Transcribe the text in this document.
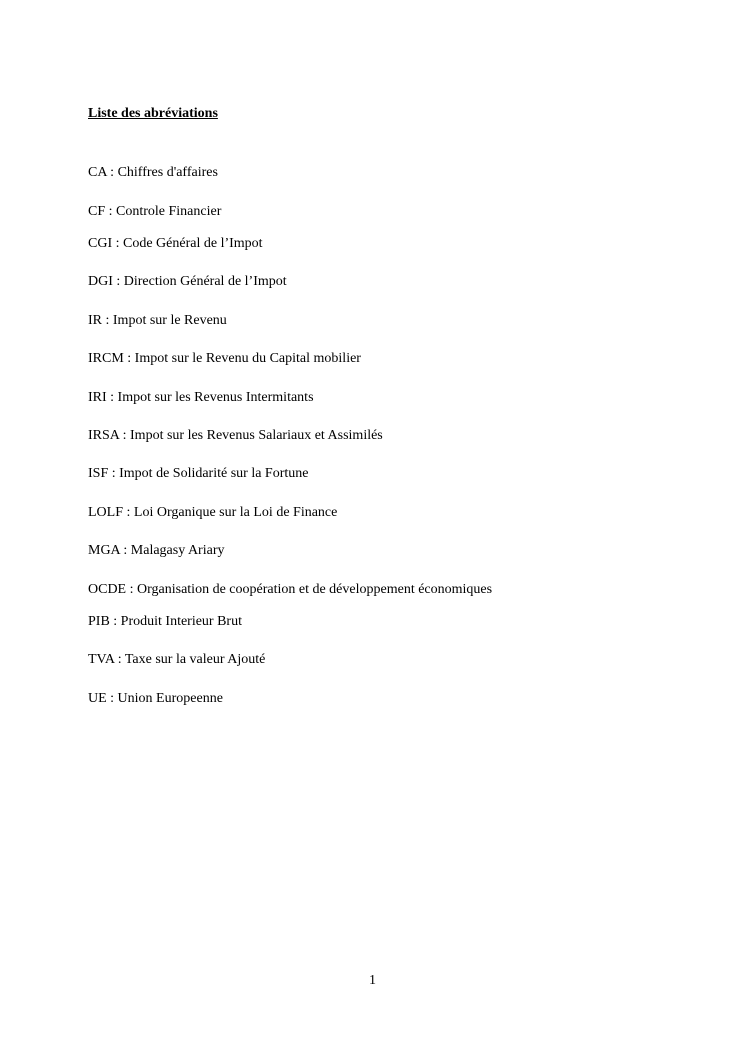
Liste des abréviations
CA : Chiffres d'affaires
CF : Controle Financier
CGI : Code Général de l’Impot
DGI : Direction Général de l’Impot
IR : Impot sur le Revenu
IRCM : Impot sur le Revenu du Capital mobilier
IRI : Impot sur les Revenus Intermitants
IRSA : Impot sur les Revenus Salariaux et Assimilés
ISF : Impot de Solidarité sur la Fortune
LOLF : Loi Organique sur la Loi de Finance
MGA : Malagasy Ariary
OCDE : Organisation de coopération et de développement économiques
PIB : Produit Interieur Brut
TVA : Taxe sur la valeur Ajouté
UE : Union Europeenne
1
